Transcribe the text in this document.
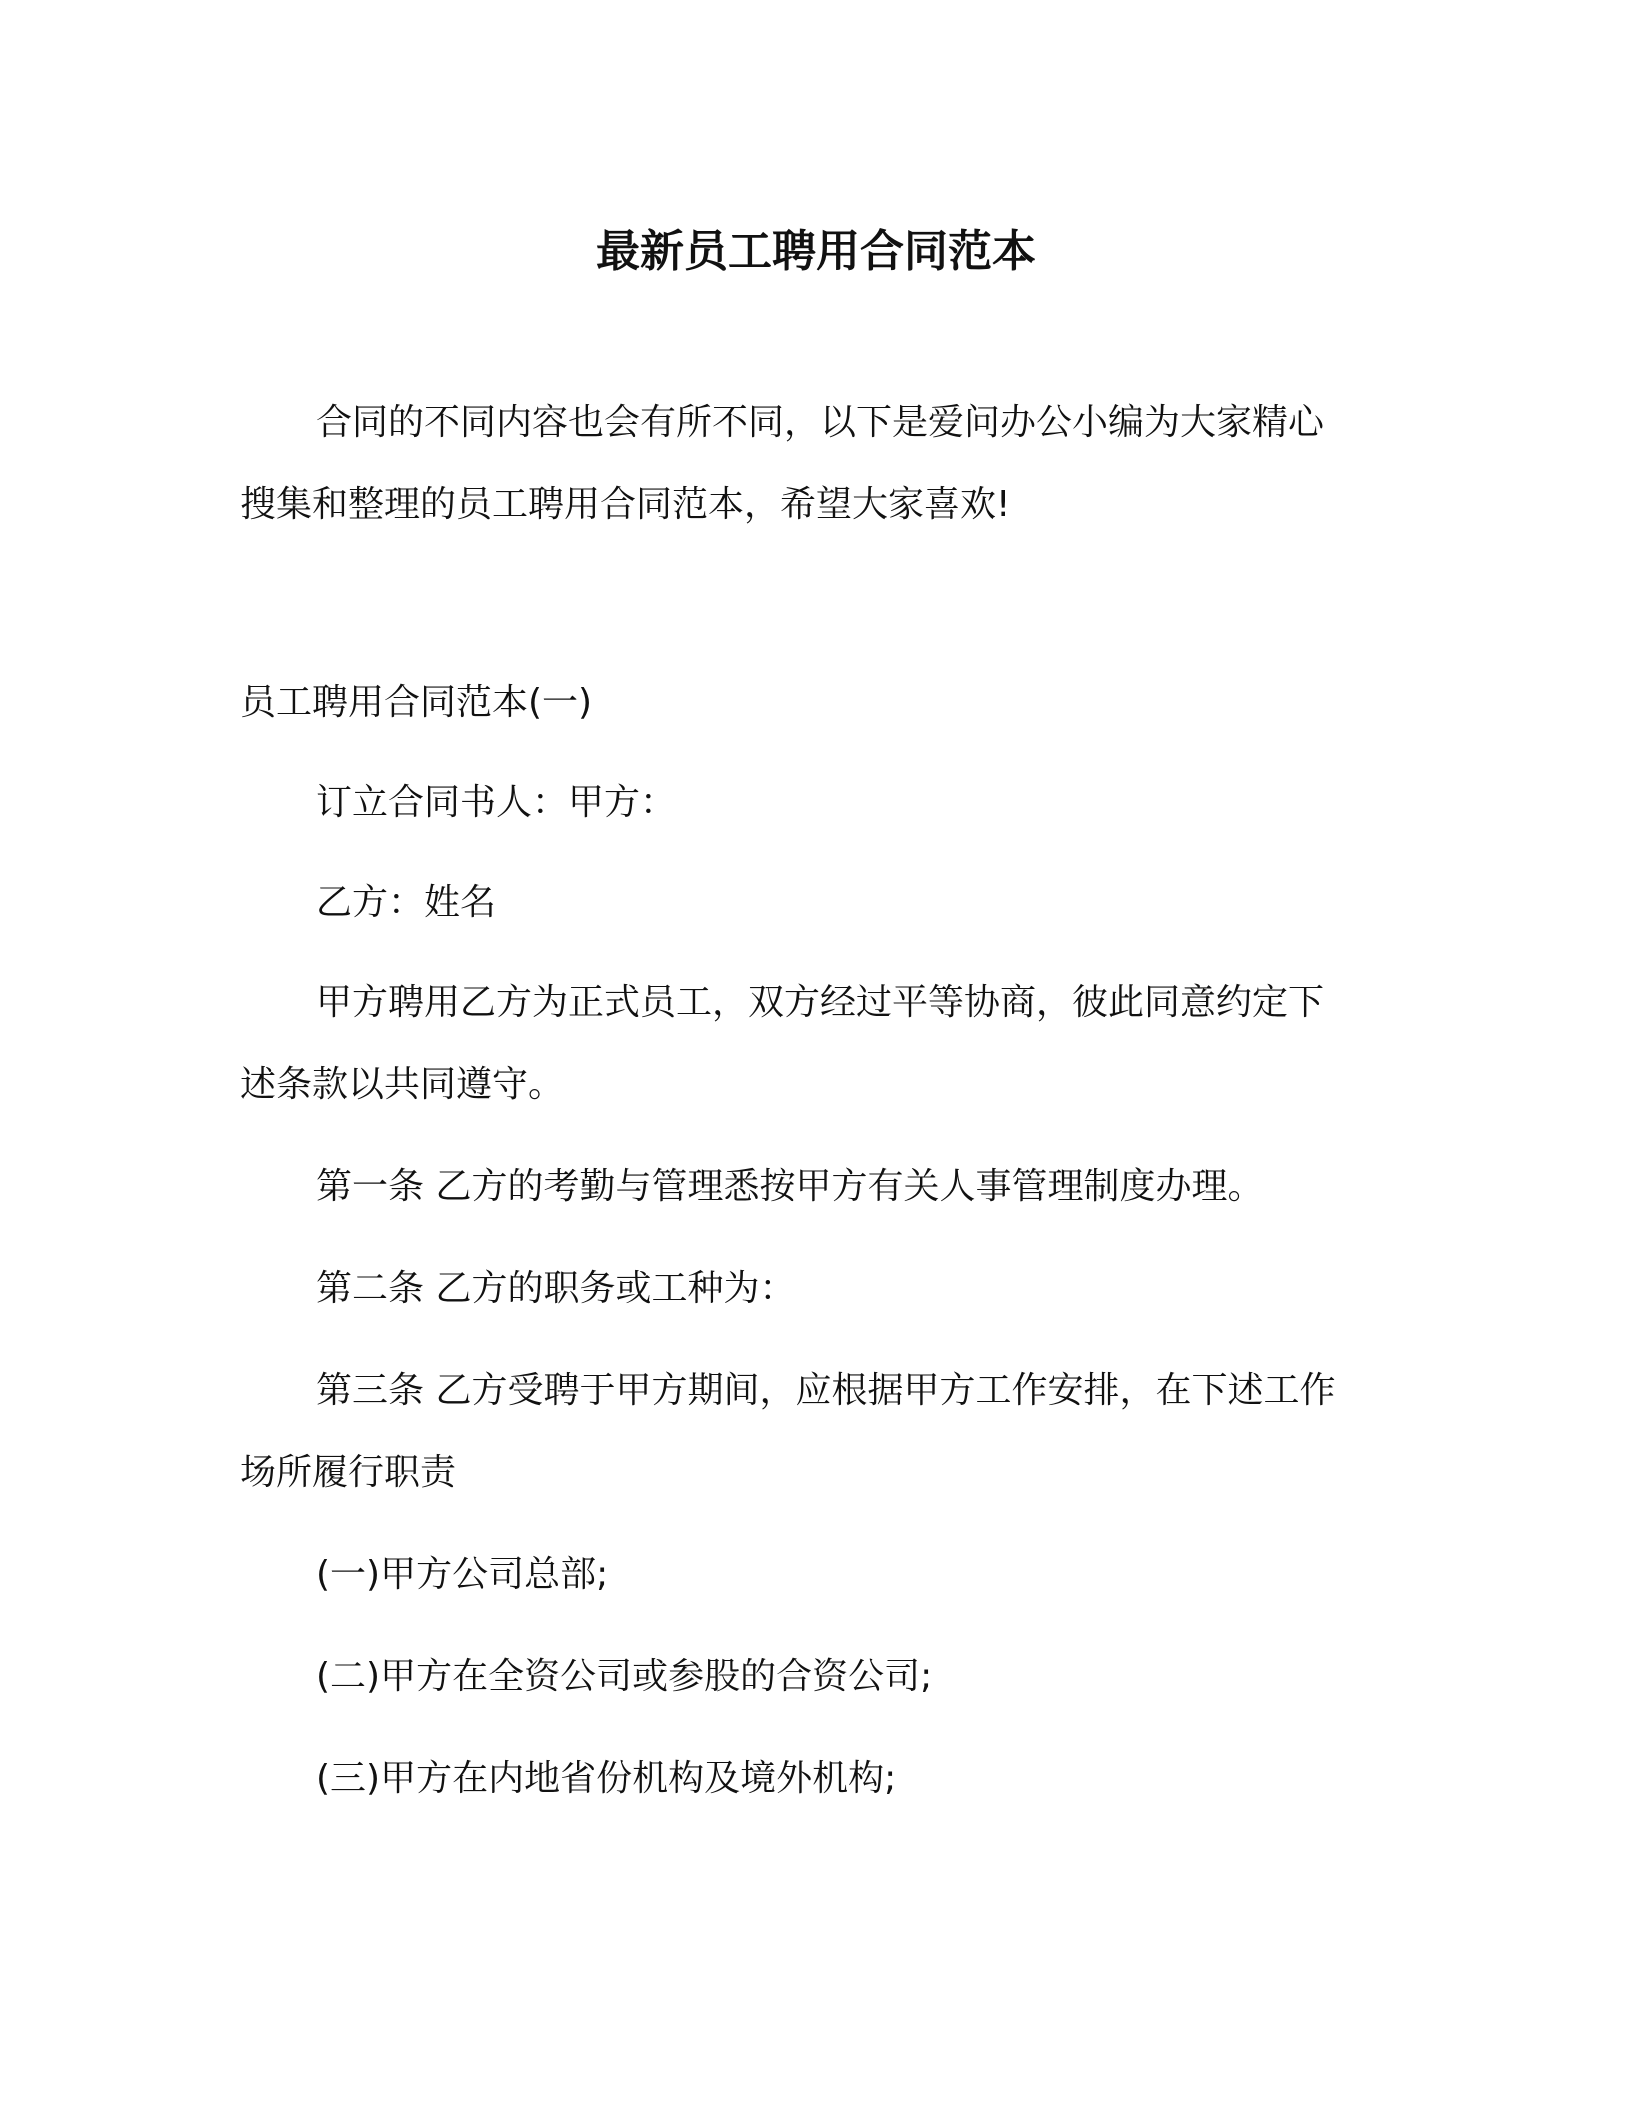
最新员工聘用合同范本
合同的不同内容也会有所不同，以下是爱问办公小编为大家精心
搜集和整理的员工聘用合同范本，希望大家喜欢!
员工聘用合同范本(一)
订立合同书人：甲方：
乙方：姓名
甲方聘用乙方为正式员工，双方经过平等协商，彼此同意约定下
述条款以共同遵守。
第一条 乙方的考勤与管理悉按甲方有关人事管理制度办理。
第二条 乙方的职务或工种为：
第三条 乙方受聘于甲方期间，应根据甲方工作安排，在下述工作
场所履行职责
(一)甲方公司总部;
(二)甲方在全资公司或参股的合资公司;
(三)甲方在内地省份机构及境外机构;
